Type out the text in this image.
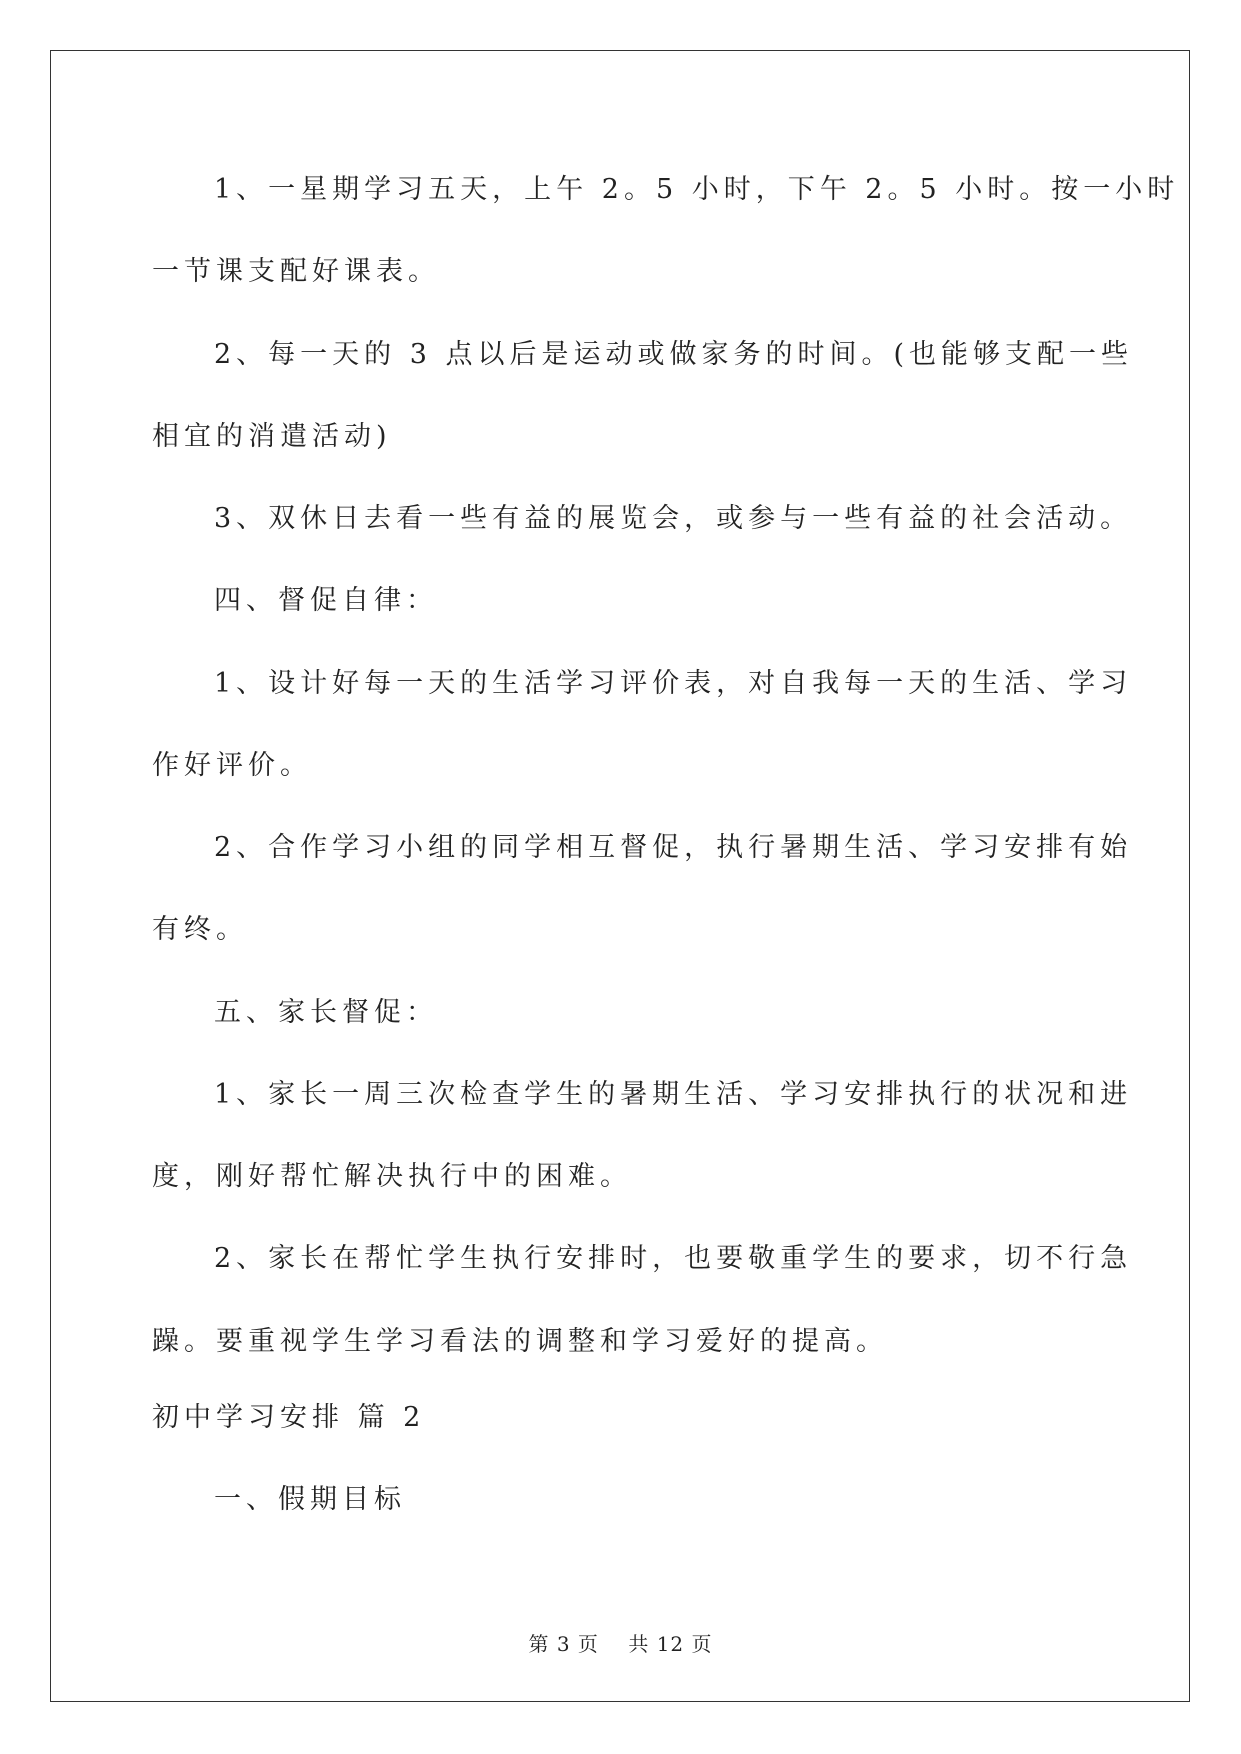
1、一星期学习五天，上午 2。5 小时，下午 2。5 小时。按一小时
一节课支配好课表。
2、每一天的 3 点以后是运动或做家务的时间。(也能够支配一些
相宜的消遣活动)
3、双休日去看一些有益的展览会，或参与一些有益的社会活动。
四、督促自律：
1、设计好每一天的生活学习评价表，对自我每一天的生活、学习
作好评价。
2、合作学习小组的同学相互督促，执行暑期生活、学习安排有始
有终。
五、家长督促：
1、家长一周三次检查学生的暑期生活、学习安排执行的状况和进
度，刚好帮忙解决执行中的困难。
2、家长在帮忙学生执行安排时，也要敬重学生的要求，切不行急
躁。要重视学生学习看法的调整和学习爱好的提高。
初中学习安排 篇 2
一、假期目标
第 3 页    共 12 页
